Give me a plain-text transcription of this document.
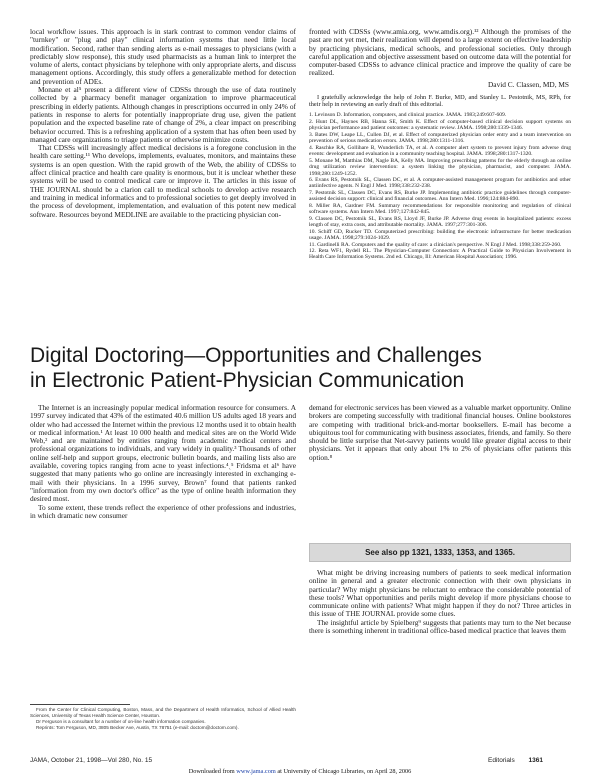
local workflow issues. This approach is in stark contrast to common vendor claims of "turnkey" or "plug and play" clinical information systems that need little local modification. Second, rather than sending alerts as e-mail messages to physicians (with a predictably slow response), this study used pharmacists as a human link to interpret the volume of alerts, contact physicians by telephone with only appropriate alerts, and discuss management options. Accordingly, this study offers a generalizable method for detection and prevention of ADEs.

Monane et al⁵ present a different view of CDSSs through the use of data routinely collected by a pharmacy benefit manager organization to improve pharmaceutical prescribing in elderly patients. Although changes in prescriptions occurred in only 24% of patients in response to alerts for potentially inappropriate drug use, given the patient population and the expected baseline rate of change of 2%, a clear impact on prescribing behavior occurred. This is a refreshing application of a system that has often been used by managed care organizations to triage patients or otherwise minimize costs.

That CDSSs will increasingly affect medical decisions is a foregone conclusion in the health care setting.¹¹ Who develops, implements, evaluates, monitors, and maintains these systems is an open question. With the rapid growth of the Web, the ability of CDSSs to affect clinical practice and health care quality is enormous, but it is unclear whether these systems will be used to control medical care or improve it. The articles in this issue of THE JOURNAL should be a clarion call to medical schools to develop active research and training in medical informatics and to professional societies to get deeply involved in the process of development, implementation, and evaluation of this potent new medical software. Resources beyond MEDLINE are available to the practicing physician con-

fronted with CDSSs (www.amia.org, www.amdis.org).¹² Although the promises of the past are not yet met, their realization will depend to a large extent on effective leadership by practicing physicians, medical schools, and professional societies. Only through careful application and objective assessment based on outcome data will the potential for computer-based CDSSs to advance clinical practice and improve the quality of care be realized.

David C. Classen, MD, MS

I gratefully acknowledge the help of John F. Burke, MD, and Stanley L. Pestotnik, MS, RPh, for their help in reviewing an early draft of this editorial.

1. Levinson D. Information, computers, and clinical practice. JAMA. 1983;249:607-609.
2. Hunt DL, Haynes RB, Hanna SE, Smith K. Effect of computer-based clinical decision support systems on physician performance and patient outcomes: a systematic review. JAMA. 1998;280:1339-1346.
3. Bates DW, Leape LL, Cullen DJ, et al. Effect of computerized physician order entry and a team intervention on prevention of serious medication errors. JAMA. 1998;280:1311-1316.
4. Raschke RA, Gollihare B, Wunderlich TA, et al. A computer alert system to prevent injury from adverse drug events: development and evaluation in a community teaching hospital. JAMA. 1998;280:1317-1320.
5. Monane M, Matthias DM, Nagle BA, Kelly MA. Improving prescribing patterns for the elderly through an online drug utilization review intervention: a system linking the physician, pharmacist, and computer. JAMA. 1998;280:1249-1252.
6. Evans RS, Pestotnik SL, Classen DC, et al. A computer-assisted management program for antibiotics and other antiinfective agents. N Engl J Med. 1998;338:232-238.
7. Pestotnik SL, Classen DC, Evans RS, Burke JP. Implementing antibiotic practice guidelines through computer-assisted decision support: clinical and financial outcomes. Ann Intern Med. 1996;124:884-890.
8. Miller RA, Gardner FM. Summary recommendations for responsible monitoring and regulation of clinical software systems. Ann Intern Med. 1997;127:842-845.
9. Classen DC, Pestotnik SL, Evans RS, Lloyd JF, Burke JP. Adverse drug events in hospitalized patients: excess length of stay, extra costs, and attributable mortality. JAMA. 1997;277:301-306.
10. Schiff GD, Rucker TD. Computerized prescribing: building the electronic infrastructure for better medication usage. JAMA. 1998;279:1024-1029.
11. Gardinelli RA. Computers and the quality of care: a clinician's perspective. N Engl J Med. 1998;338:259-260.
12. Reta WF1, Rydell RL. The Physician-Computer Connection: A Practical Guide to Physician Involvement in Health Care Information Systems. 2nd ed. Chicago, Ill: American Hospital Association; 1996.
Digital Doctoring—Opportunities and Challenges
in Electronic Patient-Physician Communication

The Internet is an increasingly popular medical information resource for consumers. A 1997 survey indicated that 43% of the estimated 40.6 million US adults aged 18 years and older who had accessed the Internet within the previous 12 months used it to obtain health or medical information.¹ At least 10 000 health and medical sites are on the World Wide Web,² and are maintained by entities ranging from academic medical centers and professional organizations to individuals, and vary widely in quality.³ Thousands of other online self-help and support groups, electronic bulletin boards, and mailing lists also are available, covering topics ranging from acne to yeast infections.⁴ˎ⁵ Fridsma et al⁶ have suggested that many patients who go online are increasingly interested in exchanging e-mail with their physicians. In a 1996 survey, Brown⁷ found that patients ranked "information from my own doctor's office" as the type of online health information they desired most.

To some extent, these trends reflect the experience of other professions and industries, in which dramatic new consumer

demand for electronic services has been viewed as a valuable market opportunity. Online brokers are competing successfully with traditional financial houses. Online bookstores are competing with traditional brick-and-mortar booksellers. E-mail has become a ubiquitous tool for communicating with business associates, friends, and family. So there should be little surprise that Net-savvy patients would like greater digital access to their physicians. Yet it appears that only about 1% to 2% of physicians offer patients this option.⁸

See also pp 1321, 1333, 1353, and 1365.

What might be driving increasing numbers of patients to seek medical information online in general and a greater electronic connection with their own physicians in particular? Why might physicians be reluctant to embrace the considerable potential of these tools? What opportunities and perils might develop if more physicians choose to communicate online with patients? What might happen if they do not? Three articles in this issue of THE JOURNAL provide some clues.

The insightful article by Spielberg⁹ suggests that patients may turn to the Net because there is something inherent in traditional office-based medical practice that leaves them

From the Center for Clinical Computing, Boston, Mass, and the Department of Health Informatics, School of Allied Health Sciences, University of Texas Health Science Center, Houston.

Dr Ferguson is a consultant for a number of on-line health information companies.

Reprints: Tom Ferguson, MD, 3805 Becker Ave, Austin, TX 78751 (e-mail: doctom@doctom.com).

JAMA, October 21, 1998—Vol 280, No. 15	Editorials 1361
Downloaded from www.jama.com at University of Chicago Libraries, on April 28, 2006
